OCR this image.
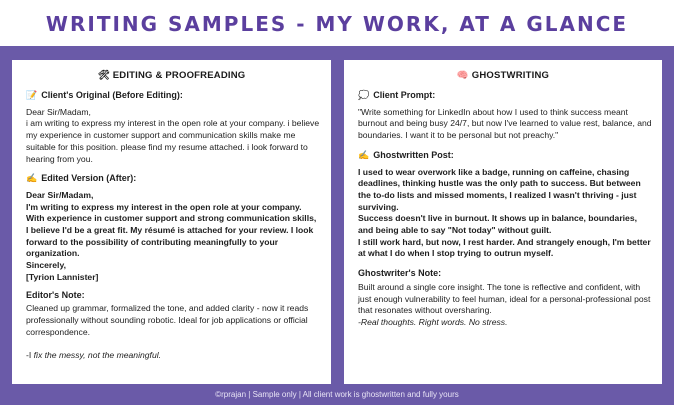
WRITING SAMPLES - MY WORK, AT A GLANCE
🛠 EDITING & PROOFREADING
📝 Client's Original (Before Editing):
Dear Sir/Madam,
i am writing to express my interest in the open role at your company. i believe my experience in customer support and communication skills make me suitable for this position. please find my resume attached. i look forward to hearing from you.
✍ Edited Version (After):
Dear Sir/Madam,
I'm writing to express my interest in the open role at your company. With experience in customer support and strong communication skills, I believe I'd be a great fit. My résumé is attached for your review. I look forward to the possibility of contributing meaningfully to your organization.
Sincerely,
[Tyrion Lannister]
Editor's Note:
Cleaned up grammar, formalized the tone, and added clarity - now it reads professionally without sounding robotic. Ideal for job applications or official correspondence.

-I fix the messy, not the meaningful.

🧠 GHOSTWRITING
💭 Client Prompt:
"Write something for LinkedIn about how I used to think success meant burnout and being busy 24/7, but now I've learned to value rest, balance, and boundaries. I want it to be personal but not preachy."
✍ Ghostwritten Post:
I used to wear overwork like a badge, running on caffeine, chasing deadlines, thinking hustle was the only path to success. But between the to-do lists and missed moments, I realized I wasn't thriving - just surviving.
Success doesn't live in burnout. It shows up in balance, boundaries, and being able to say "Not today" without guilt.
I still work hard, but now, I rest harder. And strangely enough, I'm better at what I do when I stop trying to outrun myself.
Ghostwriter's Note:
Built around a single core insight. The tone is reflective and confident, with just enough vulnerability to feel human, ideal for a personal-professional post that resonates without oversharing.
-Real thoughts. Right words. No stress.
©rprajan | Sample only | All client work is ghostwritten and fully yours
